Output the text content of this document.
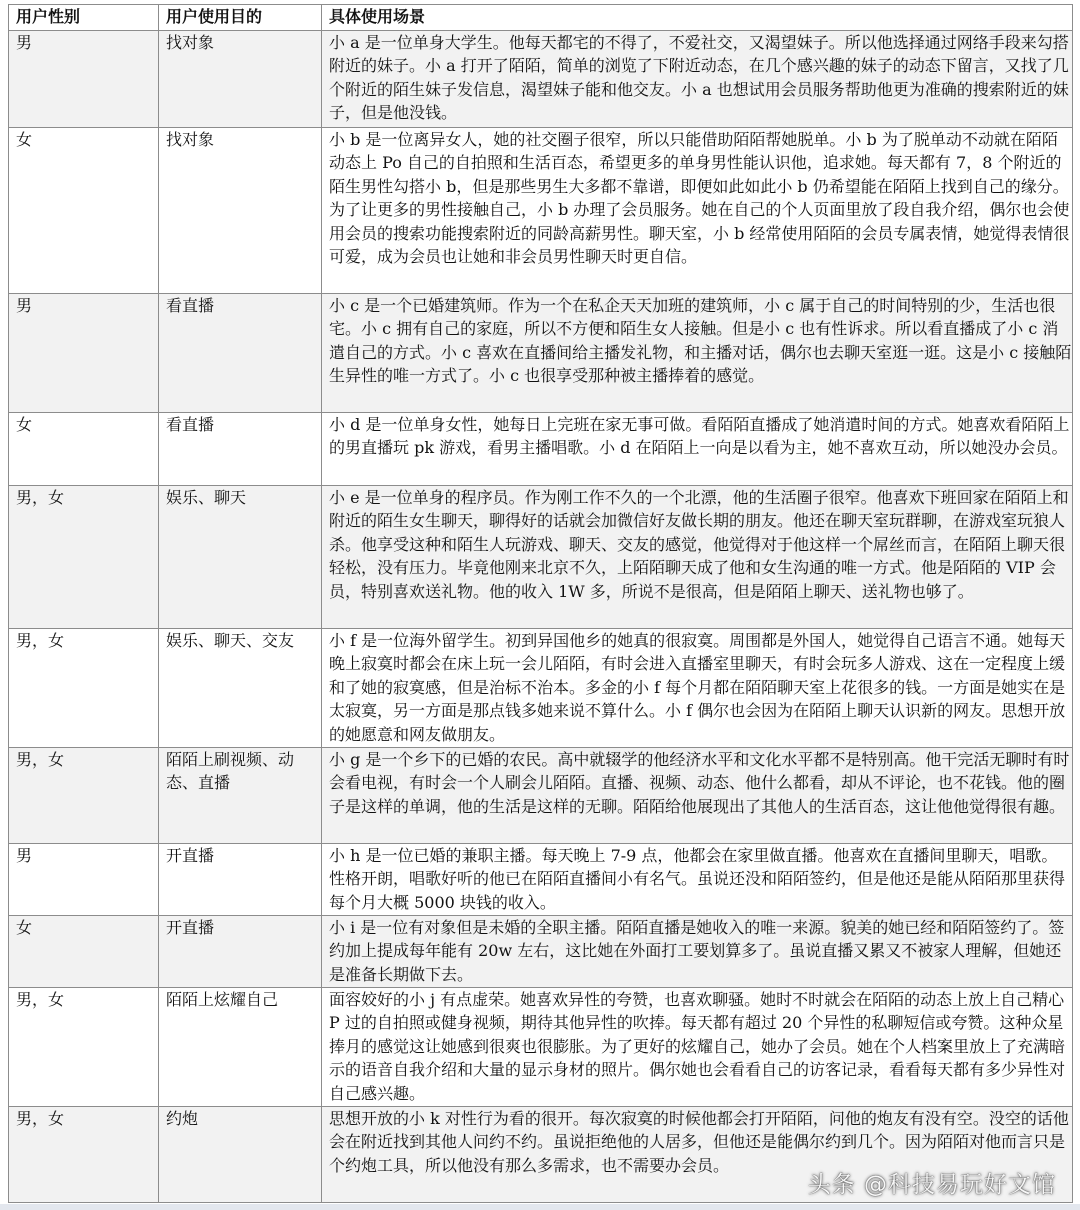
用户性别	用户使用目的	具体使用场景
男	找对象	小 a 是一位单身大学生。他每天都宅的不得了，不爱社交，又渴望妹子。所以他选择通过网络手段来勾搭附近的妹子。小 a 打开了陌陌，简单的浏览了下附近动态，在几个感兴趣的妹子的动态下留言，又找了几个附近的陌生妹子发信息，渴望妹子能和他交友。小 a 也想试用会员服务帮助他更为准确的搜索附近的妹子，但是他没钱。
女	找对象	小 b 是一位离异女人，她的社交圈子很窄，所以只能借助陌陌帮她脱单。小 b 为了脱单动不动就在陌陌动态上 Po 自己的自拍照和生活百态，希望更多的单身男性能认识他，追求她。每天都有 7，8 个附近的陌生男性勾搭小 b，但是那些男生大多都不靠谱，即便如此如此小 b 仍希望能在陌陌上找到自己的缘分。为了让更多的男性接触自己，小 b 办理了会员服务。她在自己的个人页面里放了段自我介绍，偶尔也会使用会员的搜索功能搜索附近的同龄高薪男性。聊天室，小 b 经常使用陌陌的会员专属表情，她觉得表情很可爱，成为会员也让她和非会员男性聊天时更自信。
男	看直播	小 c 是一个已婚建筑师。作为一个在私企天天加班的建筑师，小 c 属于自己的时间特别的少，生活也很宅。小 c 拥有自己的家庭，所以不方便和陌生女人接触。但是小 c 也有性诉求。所以看直播成了小 c 消遣自己的方式。小 c 喜欢在直播间给主播发礼物，和主播对话，偶尔也去聊天室逛一逛。这是小 c 接触陌生异性的唯一方式了。小 c 也很享受那种被主播捧着的感觉。
女	看直播	小 d 是一位单身女性，她每日上完班在家无事可做。看陌陌直播成了她消遣时间的方式。她喜欢看陌陌上的男直播玩 pk 游戏，看男主播唱歌。小 d 在陌陌上一向是以看为主，她不喜欢互动，所以她没办会员。
男，女	娱乐、聊天	小 e 是一位单身的程序员。作为刚工作不久的一个北漂，他的生活圈子很窄。他喜欢下班回家在陌陌上和附近的陌生女生聊天，聊得好的话就会加微信好友做长期的朋友。他还在聊天室玩群聊，在游戏室玩狼人杀。他享受这种和陌生人玩游戏、聊天、交友的感觉，他觉得对于他这样一个屌丝而言，在陌陌上聊天很轻松，没有压力。毕竟他刚来北京不久，上陌陌聊天成了他和女生沟通的唯一方式。他是陌陌的 VIP 会员，特别喜欢送礼物。他的收入 1W 多，所说不是很高，但是陌陌上聊天、送礼物也够了。
男，女	娱乐、聊天、交友	小 f 是一位海外留学生。初到异国他乡的她真的很寂寞。周围都是外国人，她觉得自己语言不通。她每天晚上寂寞时都会在床上玩一会儿陌陌，有时会进入直播室里聊天，有时会玩多人游戏、这在一定程度上缓和了她的寂寞感，但是治标不治本。多金的小 f 每个月都在陌陌聊天室上花很多的钱。一方面是她实在是太寂寞，另一方面是那点钱多她来说不算什么。小 f 偶尔也会因为在陌陌上聊天认识新的网友。思想开放的她愿意和网友做朋友。
男，女	陌陌上刷视频、动态、直播	小 g 是一个乡下的已婚的农民。高中就辍学的他经济水平和文化水平都不是特别高。他干完活无聊时有时会看电视，有时会一个人刷会儿陌陌。直播、视频、动态、他什么都看，却从不评论，也不花钱。他的圈子是这样的单调，他的生活是这样的无聊。陌陌给他展现出了其他人的生活百态，这让他他觉得很有趣。
男	开直播	小 h 是一位已婚的兼职主播。每天晚上 7-9 点，他都会在家里做直播。他喜欢在直播间里聊天，唱歌。性格开朗，唱歌好听的他已在陌陌直播间小有名气。虽说还没和陌陌签约，但是他还是能从陌陌那里获得每个月大概 5000 块钱的收入。
女	开直播	小 i 是一位有对象但是未婚的全职主播。陌陌直播是她收入的唯一来源。貌美的她已经和陌陌签约了。签约加上提成每年能有 20w 左右，这比她在外面打工要划算多了。虽说直播又累又不被家人理解，但她还是准备长期做下去。
男，女	陌陌上炫耀自己	面容姣好的小 j 有点虚荣。她喜欢异性的夸赞，也喜欢聊骚。她时不时就会在陌陌的动态上放上自己精心 P 过的自拍照或健身视频，期待其他异性的吹捧。每天都有超过 20 个异性的私聊短信或夸赞。这种众星捧月的感觉这让她感到很爽也很膨胀。为了更好的炫耀自己，她办了会员。她在个人档案里放上了充满暗示的语音自我介绍和大量的显示身材的照片。偶尔她也会看看自己的访客记录，看看每天都有多少异性对自己感兴趣。
男，女	约炮	思想开放的小 k 对性行为看的很开。每次寂寞的时候他都会打开陌陌，问他的炮友有没有空。没空的话他会在附近找到其他人问约不约。虽说拒绝他的人居多，但他还是能偶尔约到几个。因为陌陌对他而言只是个约炮工具，所以他没有那么多需求，也不需要办会员。
头条 @科技易玩好文馆
